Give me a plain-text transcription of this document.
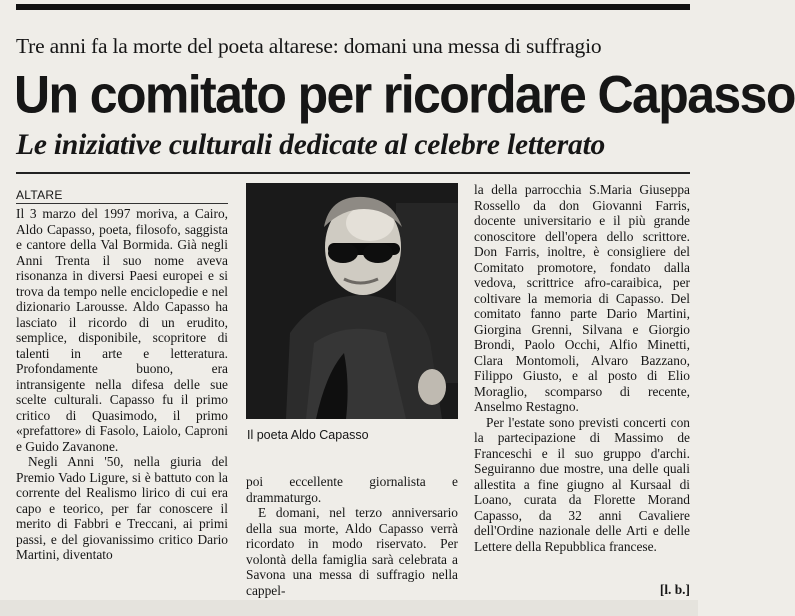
Tre anni fa la morte del poeta altarese: domani una messa di suffragio
Un comitato per ricordare Capasso
Le iniziative culturali dedicate al celebre letterato
ALTARE

Il 3 marzo del 1997 moriva, a Cairo, Aldo Capasso, poeta, filosofo, saggista e cantore della Val Bormida. Già negli Anni Trenta il suo nome aveva risonanza in diversi Paesi europei e si trova da tempo nelle enciclopedie e nel dizionario Larousse. Aldo Capasso ha lasciato il ricordo di un erudito, semplice, disponibile, scopritore di talenti in arte e letteratura. Profondamente buono, era intransigente nella difesa delle sue scelte culturali. Capasso fu il primo critico di Quasimodo, il primo «prefattore» di Fasolo, Laiolo, Caproni e Guido Zavanone.

Negli Anni '50, nella giuria del Premio Vado Ligure, si è battuto con la corrente del Realismo lirico di cui era capo e teorico, per far conoscere il merito di Fabbri e Treccani, ai primi passi, e del giovanissimo critico Dario Martini, diventato

Il poeta Aldo Capasso

poi eccellente giornalista e drammaturgo.

E domani, nel terzo anniversario della sua morte, Aldo Capasso verrà ricordato in modo riservato. Per volontà della famiglia sarà celebrata a Savona una messa di suffragio nella cappel-

la della parrocchia S.Maria Giuseppa Rossello da don Giovanni Farris, docente universitario e il più grande conoscitore dell'opera dello scrittore. Don Farris, inoltre, è consigliere del Comitato promotore, fondato dalla vedova, scrittrice afro-caraibica, per coltivare la memoria di Capasso. Del comitato fanno parte Dario Martini, Giorgina Grenni, Silvana e Giorgio Brondi, Paolo Occhi, Alfio Minetti, Clara Montomoli, Alvaro Bazzano, Filippo Giusto, e al posto di Elio Moraglio, scomparso di recente, Anselmo Restagno.

Per l'estate sono previsti concerti con la partecipazione di Massimo de Franceschi e il suo gruppo d'archi. Seguiranno due mostre, una delle quali allestita a fine giugno al Kursaal di Loano, curata da Florette Morand Capasso, da 32 anni Cavaliere dell'Ordine nazionale delle Arti e delle Lettere della Repubblica francese.

[l. b.]
